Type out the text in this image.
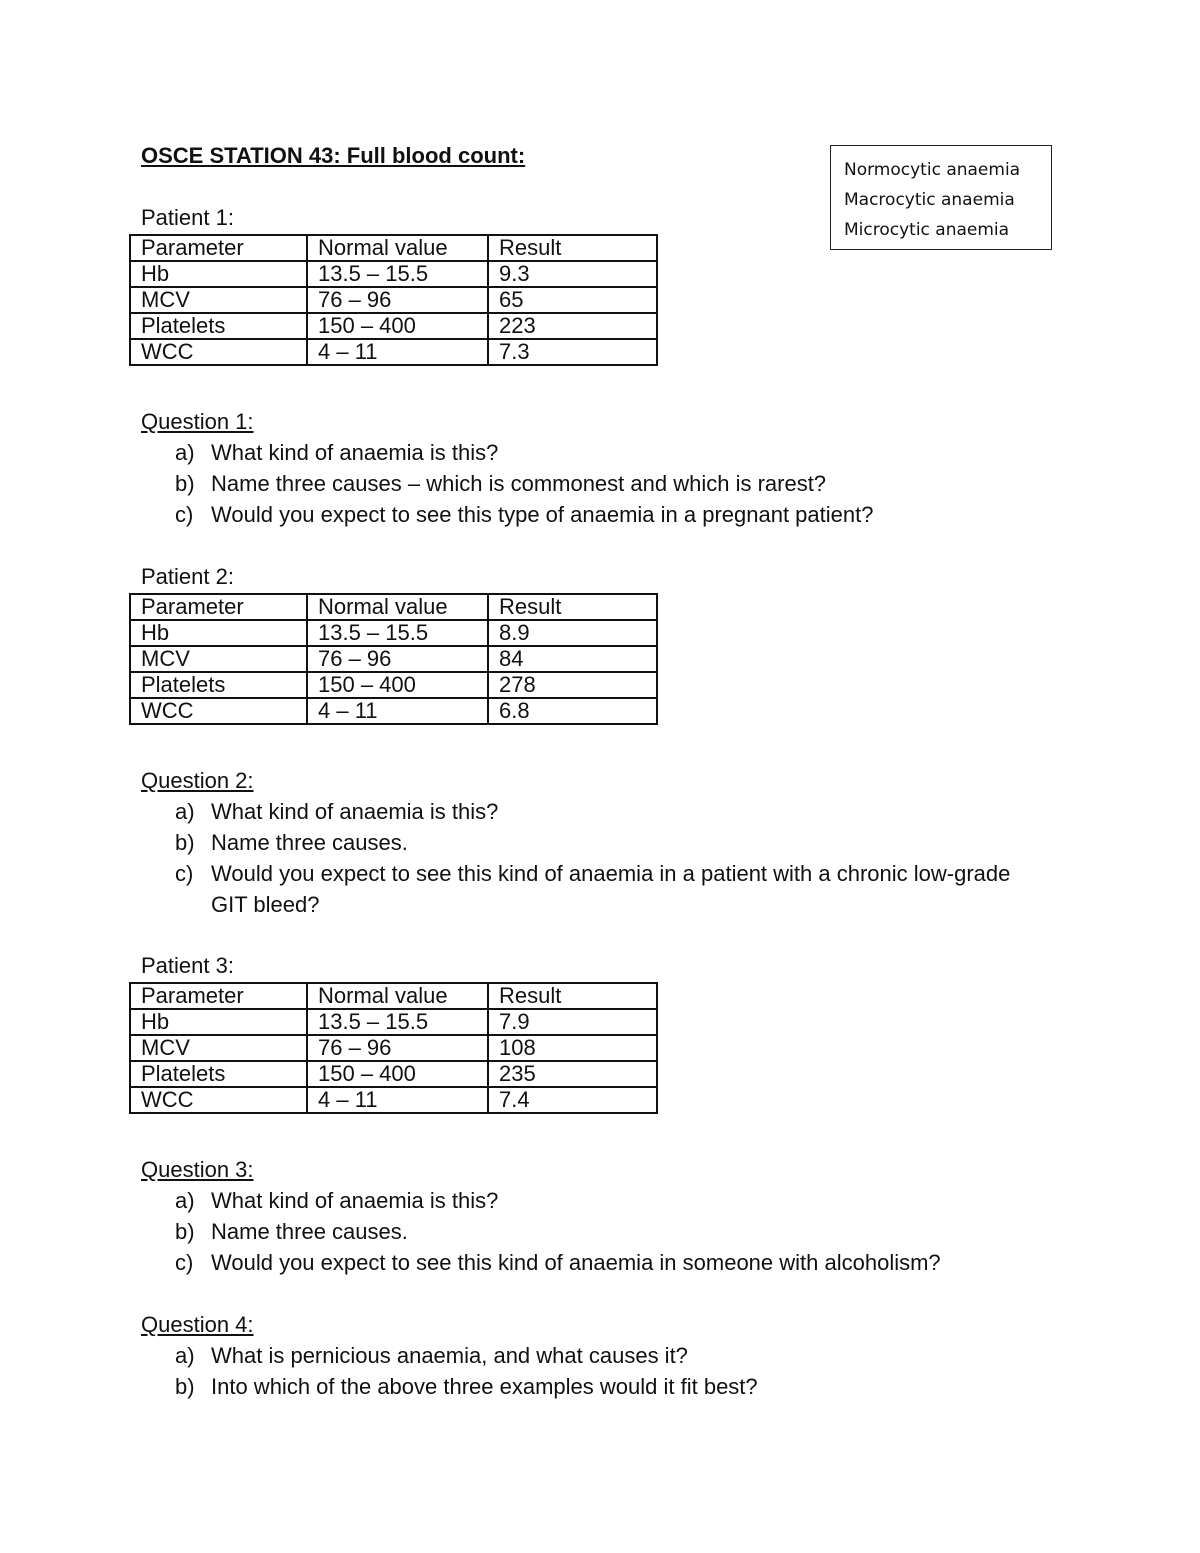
OSCE STATION 43: Full blood count:
Normocytic anaemia
Macrocytic anaemia
Microcytic anaemia
Patient 1:
Parameter	Normal value	Result
Hb	13.5 – 15.5	9.3
MCV	76 – 96	65
Platelets	150 – 400	223
WCC	4 – 11	7.3
Question 1:
a) What kind of anaemia is this?
b) Name three causes – which is commonest and which is rarest?
c) Would you expect to see this type of anaemia in a pregnant patient?
Patient 2:
Parameter	Normal value	Result
Hb	13.5 – 15.5	8.9
MCV	76 – 96	84
Platelets	150 – 400	278
WCC	4 – 11	6.8
Question 2:
a) What kind of anaemia is this?
b) Name three causes.
c) Would you expect to see this kind of anaemia in a patient with a chronic low-grade GIT bleed?
Patient 3:
Parameter	Normal value	Result
Hb	13.5 – 15.5	7.9
MCV	76 – 96	108
Platelets	150 – 400	235
WCC	4 – 11	7.4
Question 3:
a) What kind of anaemia is this?
b) Name three causes.
c) Would you expect to see this kind of anaemia in someone with alcoholism?
Question 4:
a) What is pernicious anaemia, and what causes it?
b) Into which of the above three examples would it fit best?
